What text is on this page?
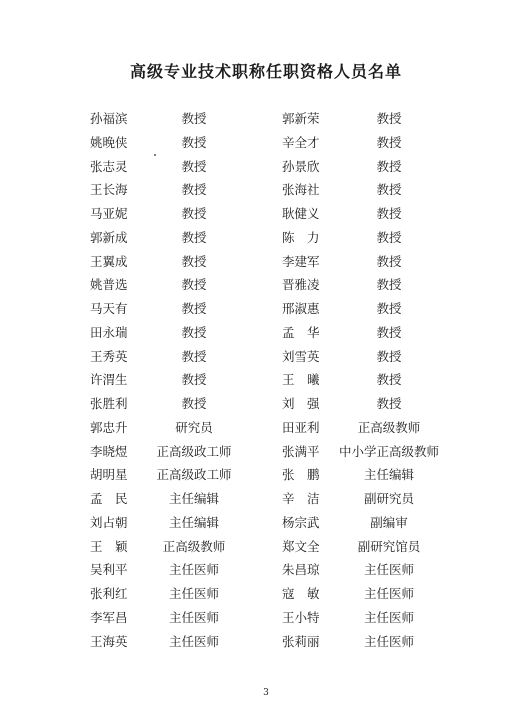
高级专业技术职称任职资格人员名单
孙福滨	教授	郭新荣	教授
姚晚侠	教授	辛全才	教授
张志灵	教授	孙景欣	教授
王长海	教授	张海社	教授
马亚妮	教授	耿健义	教授
郭新成	教授	陈　力	教授
王翼成	教授	李建军	教授
姚普选	教授	晋雅凌	教授
马天有	教授	邢淑惠	教授
田永瑞	教授	孟　华	教授
王秀英	教授	刘雪英	教授
许渭生	教授	王　曦	教授
张胜利	教授	刘　强	教授
郭忠升	研究员	田亚利	正高级教师
李晓煜 正高级政工师	张满平 中小学正高级教师
胡明星 正高级政工师	张　鹏	主任编辑
孟　民	主任编辑	辛　洁	副研究员
刘占朝	主任编辑	杨宗武	副编审
王　颖	正高级教师	郑文全	副研究馆员
吴利平	主任医师	朱昌琼	主任医师
张利红	主任医师	寇　敏	主任医师
李军昌	主任医师	王小特	主任医师
王海英	主任医师	张莉丽	主任医师
3
